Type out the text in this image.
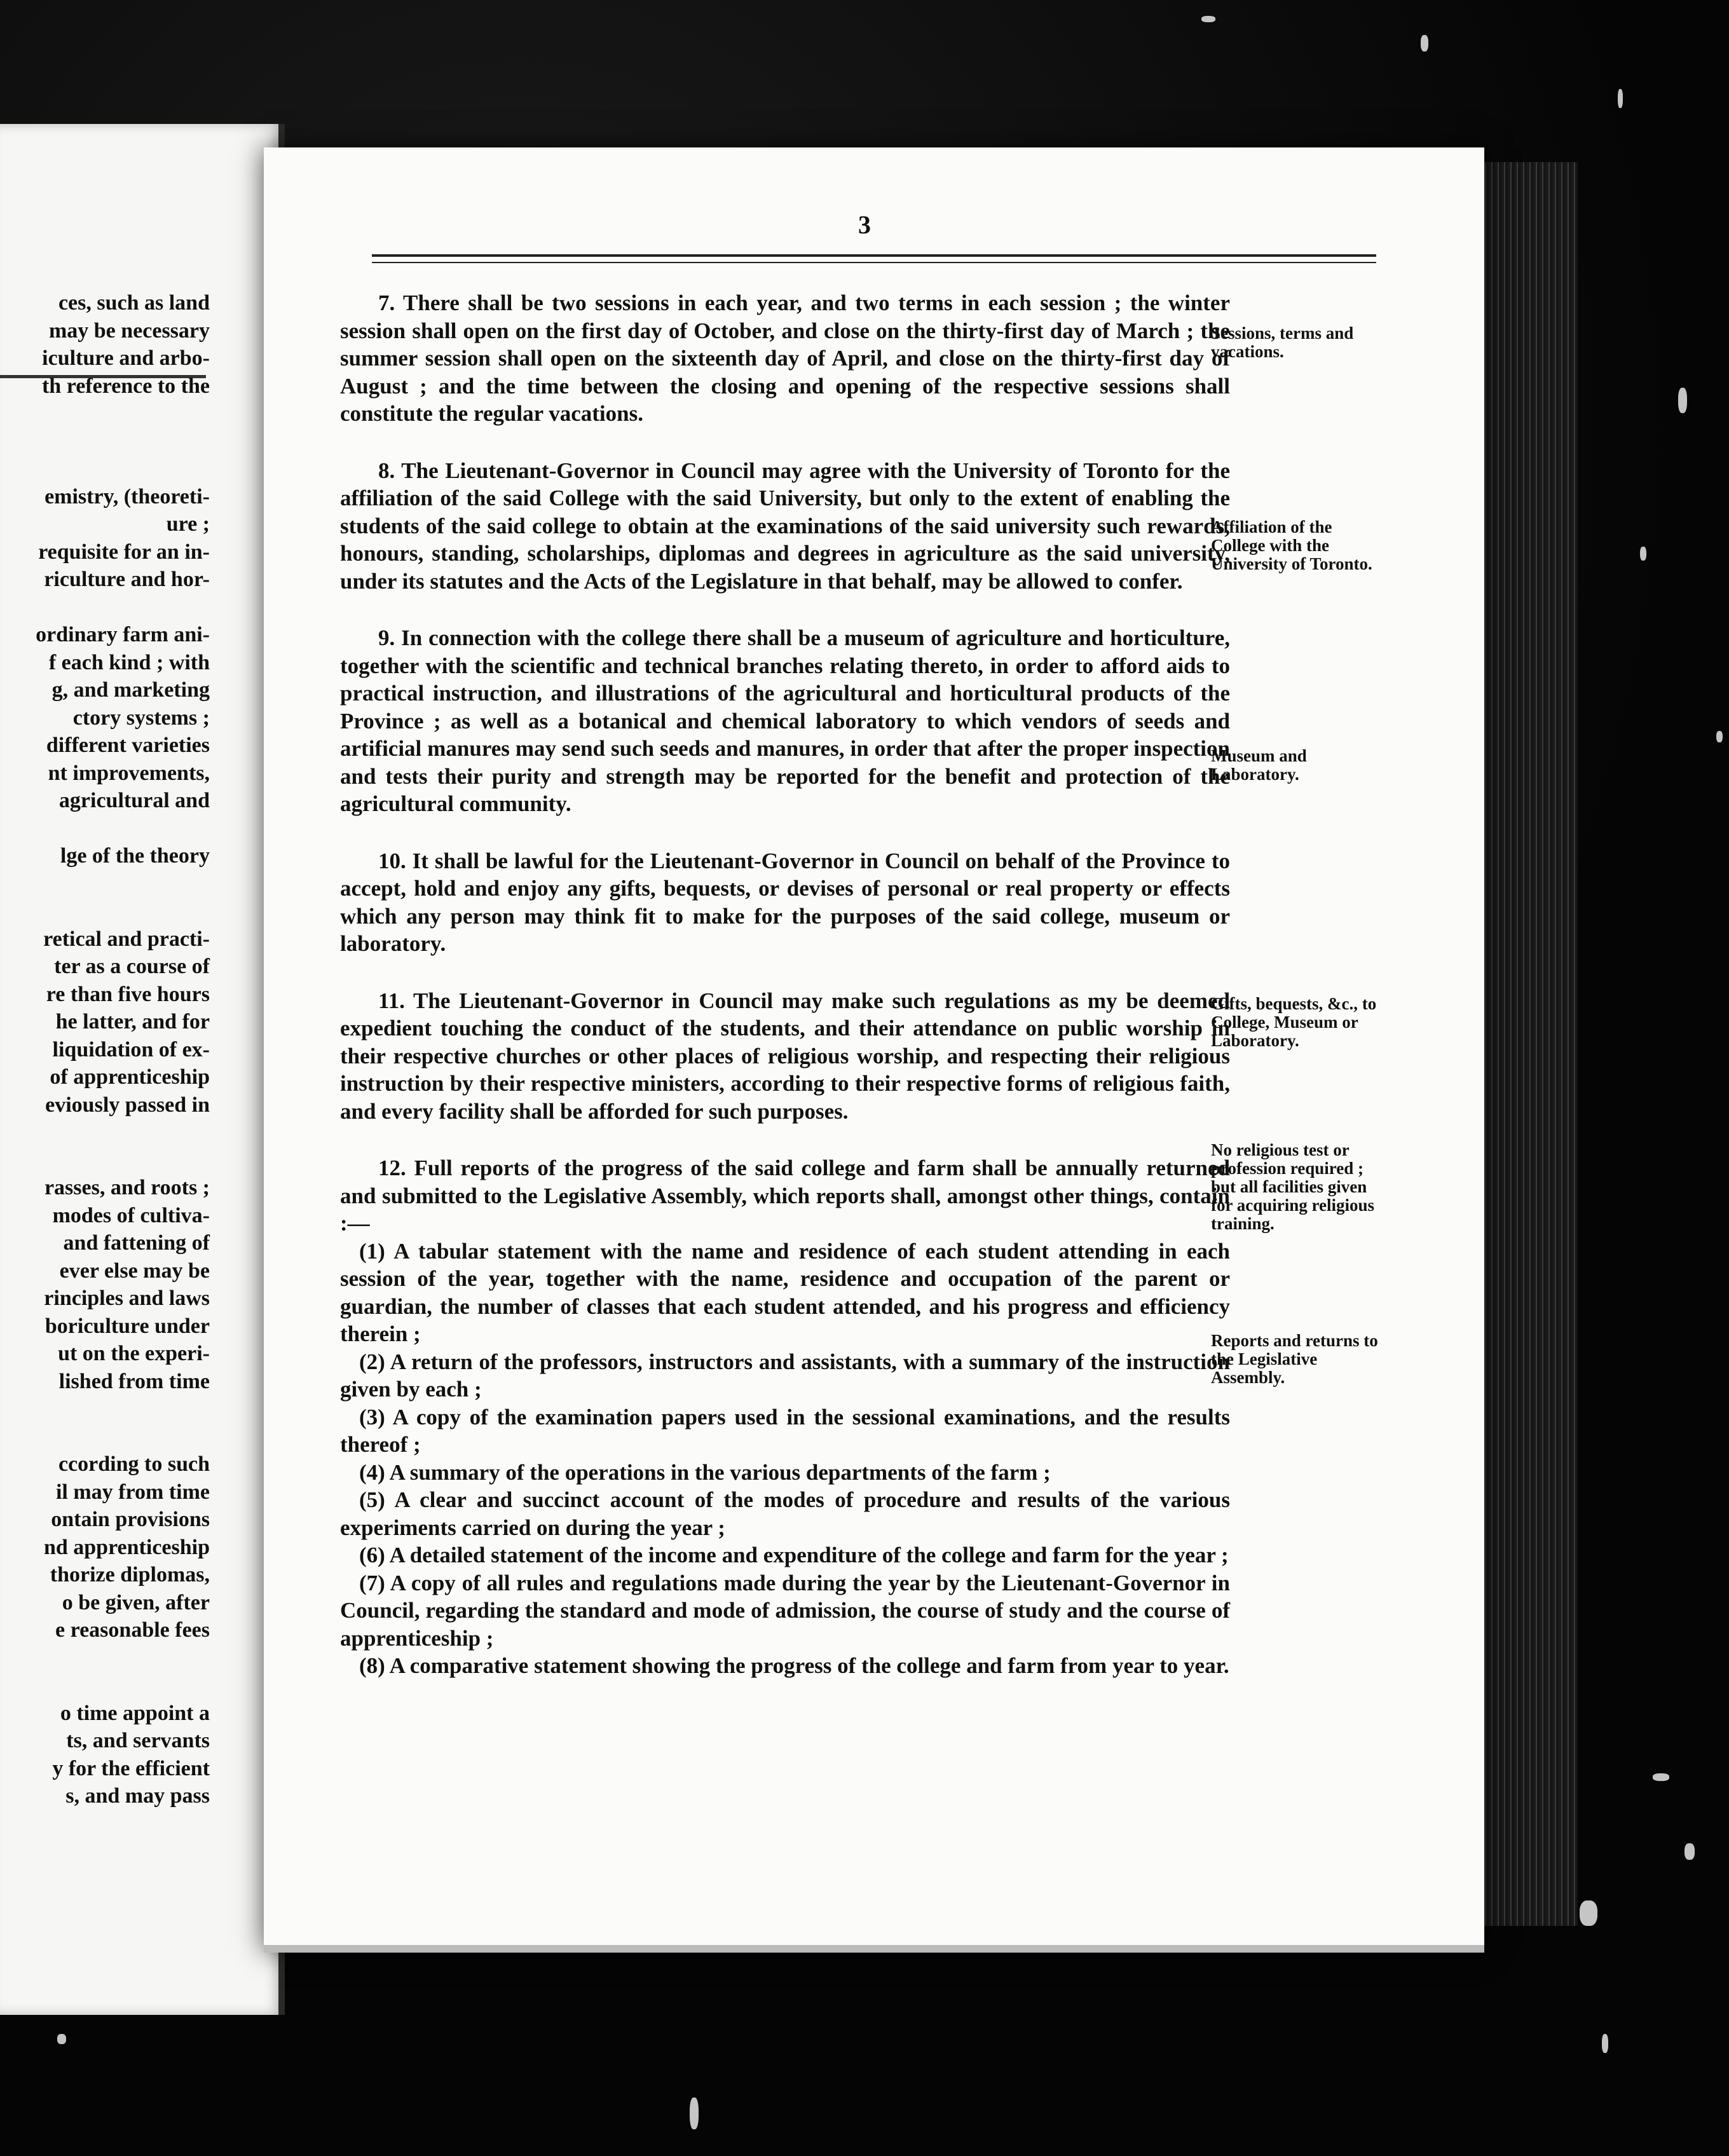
ces, such as land
may be necessary
iculture and arbo-
th reference to the
emistry, (theoreti-
ure ;
requisite for an in-
riculture and hor-
ordinary farm ani-
f each kind ; with
g, and marketing
ctory systems ;
different varieties
nt improvements,
agricultural and
lge of the theory
retical and practi-
ter as a course of
re than five hours
he latter, and for
liquidation of ex-
of apprenticeship
eviously passed in
rasses, and roots ;
modes of cultiva-
and fattening of
ever else may be
rinciples and laws
boriculture under
ut on the experi-
lished from time
ccording to such
il may from time
ontain provisions
nd apprenticeship
thorize diplomas,
o be given, after
e reasonable fees
o time appoint a
ts, and servants
y for the efficient
s, and may pass
3

7. There shall be two sessions in each year, and two terms in each session ; the winter session shall open on the first day of October, and close on the thirty-first day of March ; the summer session shall open on the sixteenth day of April, and close on the thirty-first day of August ; and the time between the closing and opening of the respective sessions shall constitute the regular vacations.

8. The Lieutenant-Governor in Council may agree with the University of Toronto for the affiliation of the said College with the said University, but only to the extent of enabling the students of the said college to obtain at the examinations of the said university such rewards, honours, standing, scholarships, diplomas and degrees in agriculture as the said university, under its statutes and the Acts of the Legislature in that behalf, may be allowed to confer.

9. In connection with the college there shall be a museum of agriculture and horticulture, together with the scientific and technical branches relating thereto, in order to afford aids to practical instruction, and illustrations of the agricultural and horticultural products of the Province ; as well as a botanical and chemical laboratory to which vendors of seeds and artificial manures may send such seeds and manures, in order that after the proper inspection and tests their purity and strength may be reported for the benefit and protection of the agricultural community.

10. It shall be lawful for the Lieutenant-Governor in Council on behalf of the Province to accept, hold and enjoy any gifts, bequests, or devises of personal or real property or effects which any person may think fit to make for the purposes of the said college, museum or laboratory.

11. The Lieutenant-Governor in Council may make such regulations as my be deemed expedient touching the conduct of the students, and their attendance on public worship in their respective churches or other places of religious worship, and respecting their religious instruction by their respective ministers, according to their respective forms of religious faith, and every facility shall be afforded for such purposes.

12. Full reports of the progress of the said college and farm shall be annually returned and submitted to the Legislative Assembly, which reports shall, amongst other things, contain :—

(1) A tabular statement with the name and residence of each student attending in each session of the year, together with the name, residence and occupation of the parent or guardian, the number of classes that each student attended, and his progress and efficiency therein ;

(2) A return of the professors, instructors and assistants, with a summary of the instruction given by each ;

(3) A copy of the examination papers used in the sessional examinations, and the results thereof ;

(4) A summary of the operations in the various departments of the farm ;

(5) A clear and succinct account of the modes of procedure and results of the various experiments carried on during the year ;

(6) A detailed statement of the income and expenditure of the college and farm for the year ;

(7) A copy of all rules and regulations made during the year by the Lieutenant-Governor in Council, regarding the standard and mode of admission, the course of study and the course of apprenticeship ;

(8) A comparative statement showing the progress of the college and farm from year to year.

Sessions, terms and vacations.
Affiliation of the College with the University of Toronto.
Museum and Laboratory.
Gifts, bequests, &c., to College, Museum or Laboratory.
No religious test or profession required ; but all facilities given for acquiring religious training.
Reports and returns to the Legislative Assembly.
